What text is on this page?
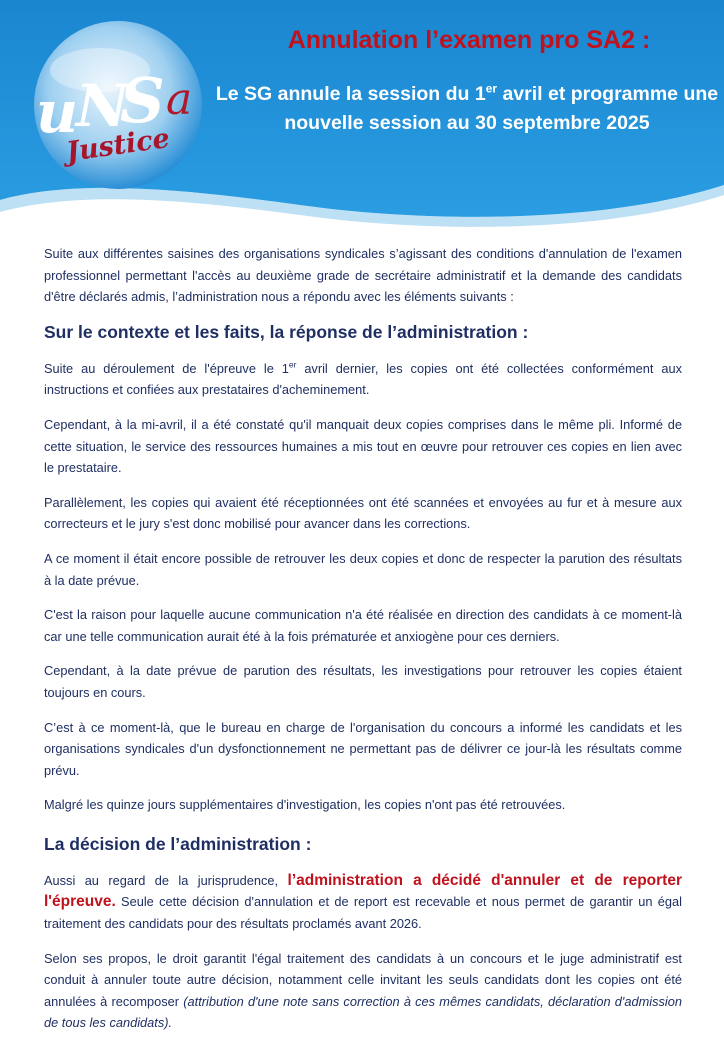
u
N
S a
Justice
Annulation l’examen pro SA2 :
Le SG annule la session du 1er avril et programme une nouvelle session au 30 septembre 2025

Suite aux différentes saisines des organisations syndicales s’agissant des conditions d'annulation de l'examen professionnel permettant l'accès au deuxième grade de secrétaire administratif et la demande des candidats d'être déclarés admis, l’administration nous a répondu avec les éléments suivants :

Sur le contexte et les faits, la réponse de l’administration :

Suite au déroulement de l'épreuve le 1er avril dernier, les copies ont été collectées conformément aux instructions et confiées aux prestataires d'acheminement.

Cependant, à la mi-avril, il a été constaté qu'il manquait deux copies comprises dans le même pli. Informé de cette situation, le service des ressources humaines a mis tout en œuvre pour retrouver ces copies en lien avec le prestataire.

Parallèlement, les copies qui avaient été réceptionnées ont été scannées et envoyées au fur et à mesure aux correcteurs et le jury s'est donc mobilisé pour avancer dans les corrections.

A ce moment il était encore possible de retrouver les deux copies et donc de respecter la parution des résultats à la date prévue.

C'est la raison pour laquelle aucune communication n'a été réalisée en direction des candidats à ce moment-là car une telle communication aurait été à la fois prématurée et anxiogène pour ces derniers.

Cependant, à la date prévue de parution des résultats, les investigations pour retrouver les copies étaient toujours en cours.

C’est à ce moment-là, que le bureau en charge de l'organisation du concours a informé les candidats et les organisations syndicales d'un dysfonctionnement ne permettant pas de délivrer ce jour-là les résultats comme prévu.

Malgré les quinze jours supplémentaires d'investigation, les copies n'ont pas été retrouvées.

La décision de l’administration :

Aussi au regard de la jurisprudence, l’administration a décidé d'annuler et de reporter l'épreuve. Seule cette décision d'annulation et de report est recevable et nous permet de garantir un égal traitement des candidats pour des résultats proclamés avant 2026.

Selon ses propos, le droit garantit l'égal traitement des candidats à un concours et le juge administratif est conduit à annuler toute autre décision, notamment celle invitant les seuls candidats dont les copies ont été annulées à recomposer (attribution d'une note sans correction à ces mêmes candidats, déclaration d'admission de tous les candidats).
